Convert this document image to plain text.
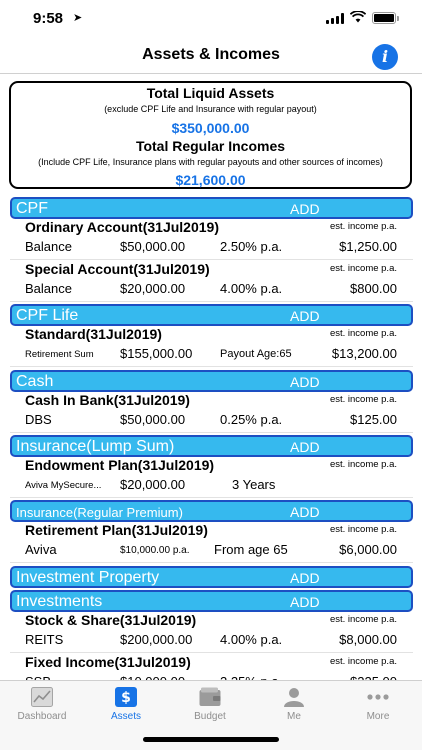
9:58 ➤
Assets & Incomes	i
Total Liquid Assets
(exclude CPF Life and Insurance with regular payout)
$350,000.00
Total Regular Incomes
(Include CPF Life, Insurance plans with regular payouts and other sources of incomes)
$21,600.00
CPF	ADD
Ordinary Account(31Jul2019)	est. income p.a.
Balance	$50,000.00	2.50% p.a.	$1,250.00
Special Account(31Jul2019)	est. income p.a.
Balance	$20,000.00	4.00% p.a.	$800.00
CPF Life	ADD
Standard(31Jul2019)	est. income p.a.
Retirement Sum $155,000.00	Payout Age:65	$13,200.00
Cash	ADD
Cash In Bank(31Jul2019)	est. income p.a.
DBS	$50,000.00	0.25% p.a.	$125.00
Insurance(Lump Sum)	ADD
Endowment Plan(31Jul2019)	est. income p.a.
Aviva MySecure... $20,000.00	3 Years
Insurance(Regular Premium)	ADD
Retirement Plan(31Jul2019)	est. income p.a.
Aviva	$10,000.00 p.a. From age 65	$6,000.00
Investment Property	ADD
Investments	ADD
Stock & Share(31Jul2019)	est. income p.a.
REITS	$200,000.00 4.00% p.a.	$8,000.00
Fixed Income(31Jul2019)	est. income p.a.
Dashboard
$
Assets	Budget	Me	More
